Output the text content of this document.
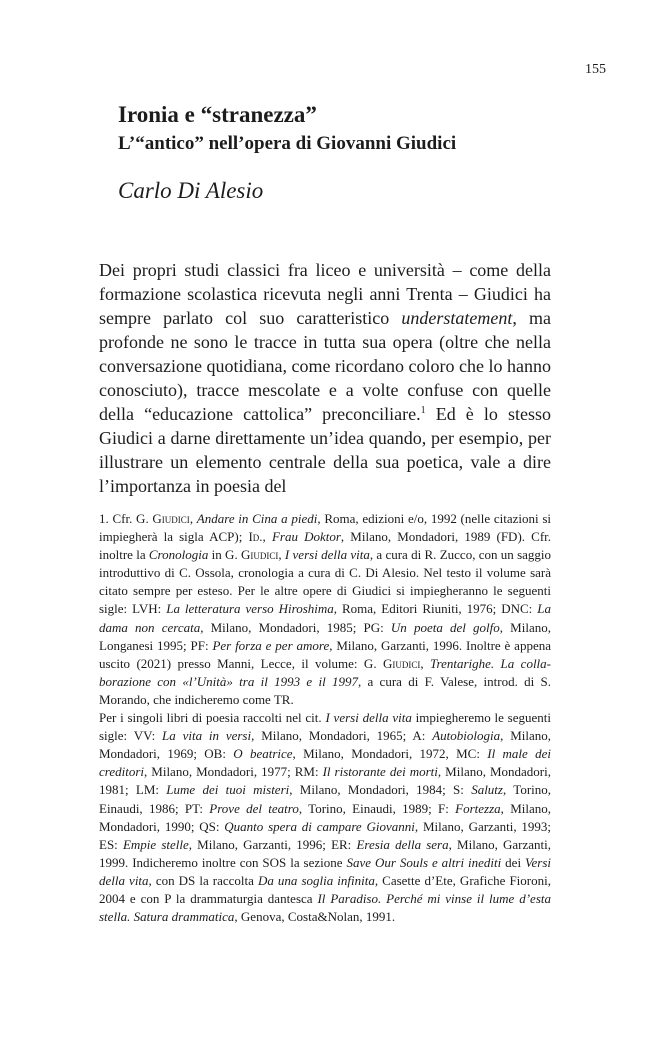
155
Ironia e “stranezza”
L’“antico” nell’opera di Giovanni Giudici

Carlo Di Alesio

Dei propri studi classici fra liceo e università – come della formazione scolastica ricevuta negli anni Trenta – Giudici ha sempre parlato col suo caratteristico understatement, ma profonde ne sono le tracce in tutta sua opera (oltre che nella conversazione quotidiana, come ricordano coloro che lo hanno conosciuto), tracce mescolate e a volte confuse con quelle della “educazione cattolica” preconciliare.$^1$ Ed è lo stesso Giudici a darne direttamente un’idea quando, per esempio, per illustrare un elemento centrale della sua poetica, vale a dire l’importanza in poesia del

1. Cfr. G. Giudici, Andare in Cina a piedi, Roma, edizioni e/o, 1992 (nelle citazioni si impiegherà la sigla ACP); Id., Frau Doktor, Milano, Mondadori, 1989 (FD). Cfr. inoltre la Cronologia in G. Giudici, I versi della vita, a cura di R. Zucco, con un saggio introduttivo di C. Ossola, cronologia a cura di C. Di Alesio. Nel testo il volume sarà citato sempre per esteso. Per le altre opere di Giudici si impiegheranno le seguenti sigle: LVH: La letteratura verso Hiroshima, Roma, Editori Riuniti, 1976; DNC: La dama non cercata, Milano, Mondadori, 1985; PG: Un poeta del golfo, Milano, Longanesi 1995; PF: Per forza e per amore, Milano, Garzanti, 1996. Inoltre è appena uscito (2021) presso Manni, Lecce, il volume: G. Giudici, Trentarighe. La collaborazione con «l’Unità» tra il 1993 e il 1997, a cura di F. Valese, introd. di S. Morando, che indicheremo come TR.

Per i singoli libri di poesia raccolti nel cit. I versi della vita impiegheremo le seguenti sigle: VV: La vita in versi, Milano, Mondadori, 1965; A: Autobiologia, Milano, Mondadori, 1969; OB: O beatrice, Milano, Mondadori, 1972, MC: Il male dei creditori, Milano, Mondadori, 1977; RM: Il ristorante dei morti, Milano, Mondadori, 1981; LM: Lume dei tuoi misteri, Milano, Mondadori, 1984; S: Salutz, Torino, Einaudi, 1986; PT: Prove del teatro, Torino, Einaudi, 1989; F: Fortezza, Milano, Mondadori, 1990; QS: Quanto spera di campare Giovanni, Milano, Garzanti, 1993; ES: Empie stelle, Milano, Garzanti, 1996; ER: Eresia della sera, Milano, Garzanti, 1999. Indicheremo inoltre con SOS la sezione Save Our Souls e altri inediti dei Versi della vita, con DS la raccolta Da una soglia infinita, Casette d’Ete, Grafiche Fioroni, 2004 e con P la drammaturgia dantesca Il Paradiso. Perché mi vinse il lume d’esta stella. Satura drammatica, Genova, Costa&Nolan, 1991.
